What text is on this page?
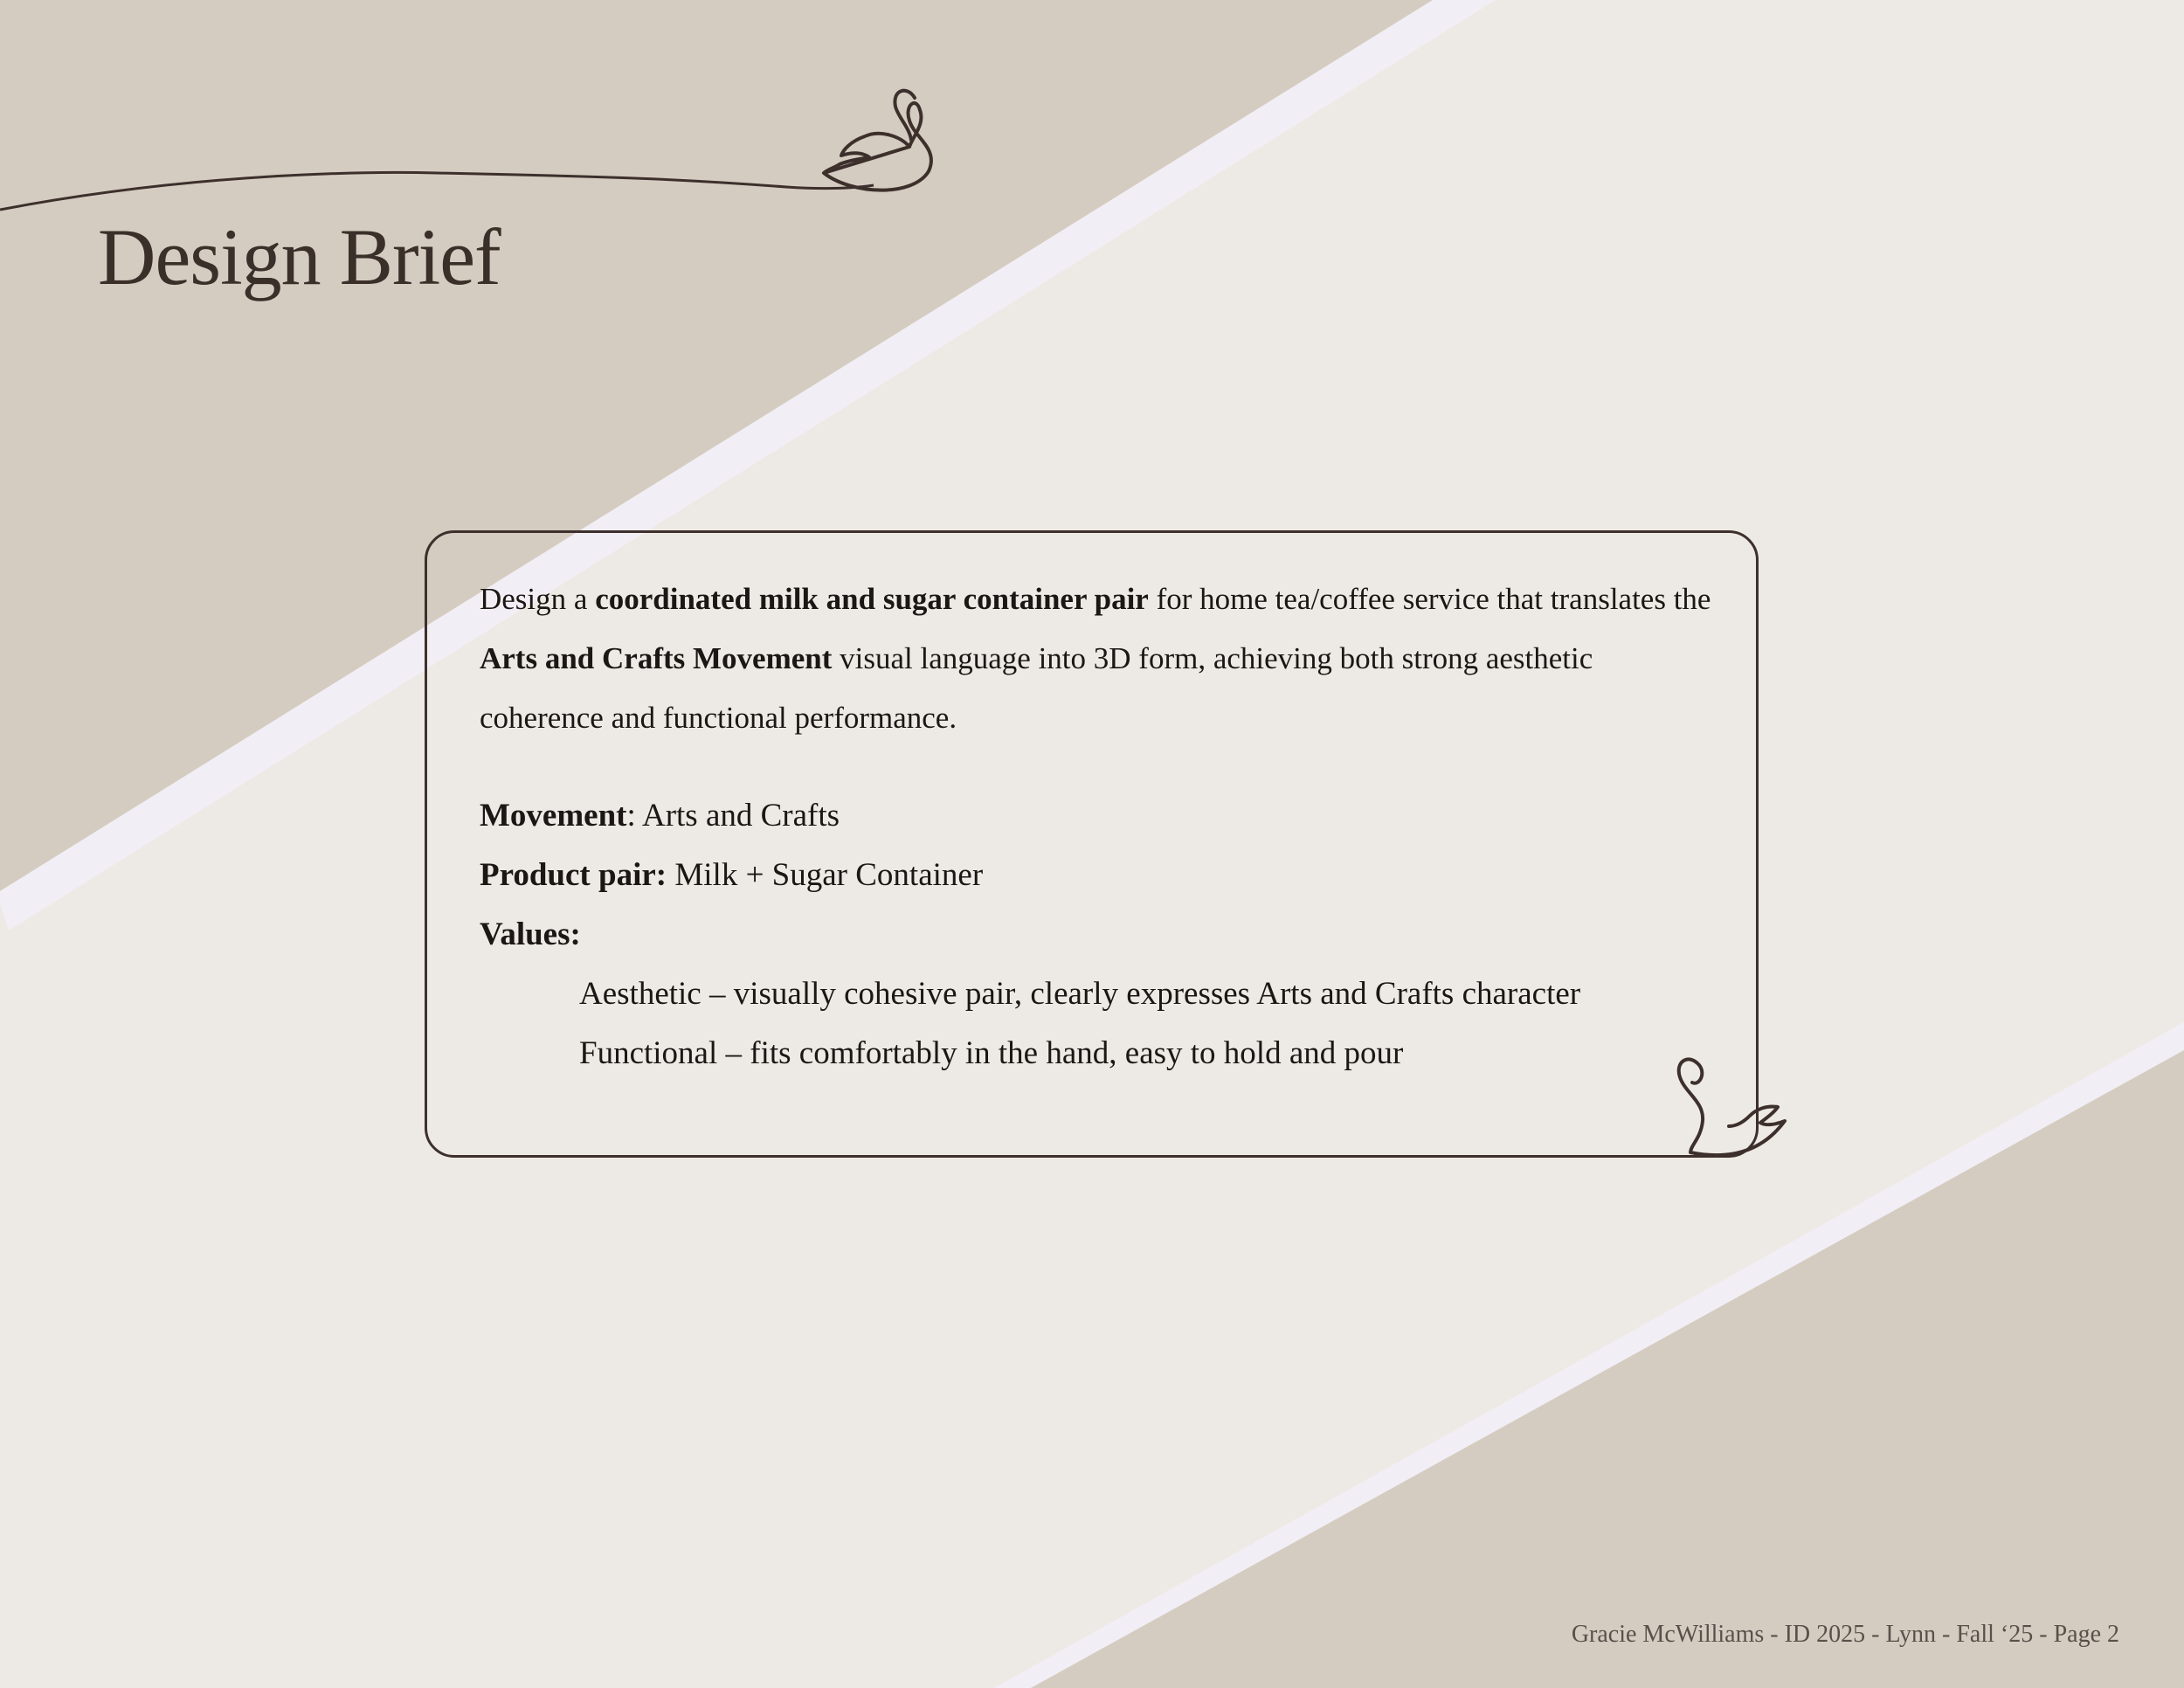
Design Brief

Design a coordinated milk and sugar container pair for home tea/coffee service that translates the Arts and Crafts Movement visual language into 3D form, achieving both strong aesthetic coherence and functional performance.

Movement: Arts and Crafts
Product pair: Milk + Sugar Container
Values:
Aesthetic – visually cohesive pair, clearly expresses Arts and Crafts character
Functional – fits comfortably in the hand, easy to hold and pour
Gracie McWilliams - ID 2025 - Lynn - Fall ‘25 - Page 2
